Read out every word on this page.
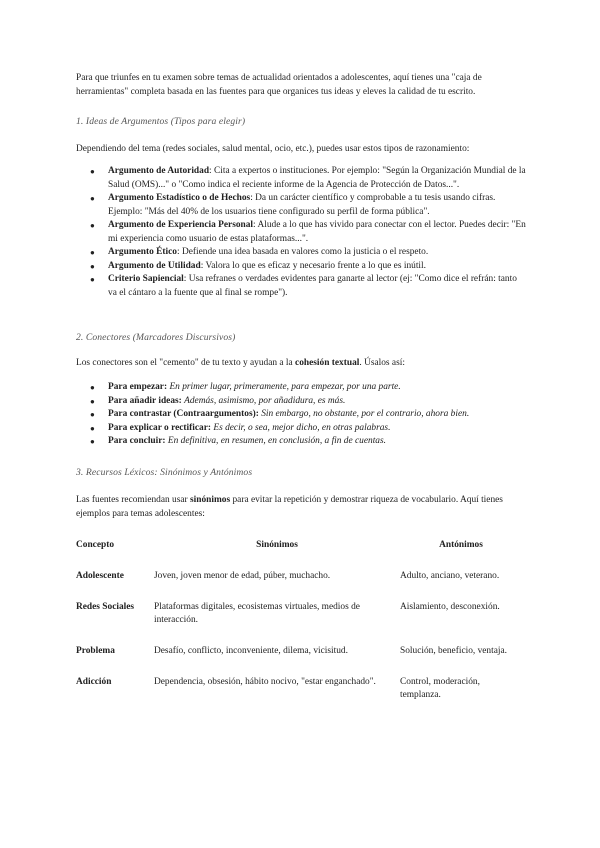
Para que triunfes en tu examen sobre temas de actualidad orientados a adolescentes, aquí tienes una "caja de herramientas" completa basada en las fuentes para que organices tus ideas y eleves la calidad de tu escrito.

1. Ideas de Argumentos (Tipos para elegir)

Dependiendo del tema (redes sociales, salud mental, ocio, etc.), puedes usar estos tipos de razonamiento:

● Argumento de Autoridad: Cita a expertos o instituciones. Por ejemplo: "Según la Organización Mundial de la Salud (OMS)..." o "Como indica el reciente informe de la Agencia de Protección de Datos...".
● Argumento Estadístico o de Hechos: Da un carácter científico y comprobable a tu tesis usando cifras. Ejemplo: "Más del 40% de los usuarios tiene configurado su perfil de forma pública".
● Argumento de Experiencia Personal: Alude a lo que has vivido para conectar con el lector. Puedes decir: "En mi experiencia como usuario de estas plataformas...".
● Argumento Ético: Defiende una idea basada en valores como la justicia o el respeto.
● Argumento de Utilidad: Valora lo que es eficaz y necesario frente a lo que es inútil.
● Criterio Sapiencial: Usa refranes o verdades evidentes para ganarte al lector (ej: "Como dice el refrán: tanto va el cántaro a la fuente que al final se rompe").
2. Conectores (Marcadores Discursivos)

Los conectores son el "cemento" de tu texto y ayudan a la cohesión textual. Úsalos así:

● Para empezar: En primer lugar, primeramente, para empezar, por una parte.
● Para añadir ideas: Además, asimismo, por añadidura, es más.
● Para contrastar (Contraargumentos): Sin embargo, no obstante, por el contrario, ahora bien.
● Para explicar o rectificar: Es decir, o sea, mejor dicho, en otras palabras.
● Para concluir: En definitiva, en resumen, en conclusión, a fin de cuentas.
3. Recursos Léxicos: Sinónimos y Antónimos

Las fuentes recomiendan usar sinónimos para evitar la repetición y demostrar riqueza de vocabulario. Aquí tienes ejemplos para temas adolescentes:

Concepto	Sinónimos	Antónimos
Adolescente	Joven, joven menor de edad, púber, muchacho.	Adulto, anciano, veterano.
Redes Sociales	Plataformas digitales, ecosistemas virtuales, medios de interacción.	Aislamiento, desconexión.
Problema	Desafío, conflicto, inconveniente, dilema, vicisitud.	Solución, beneficio, ventaja.
Adicción	Dependencia, obsesión, hábito nocivo, "estar enganchado".	Control, moderación, templanza.
